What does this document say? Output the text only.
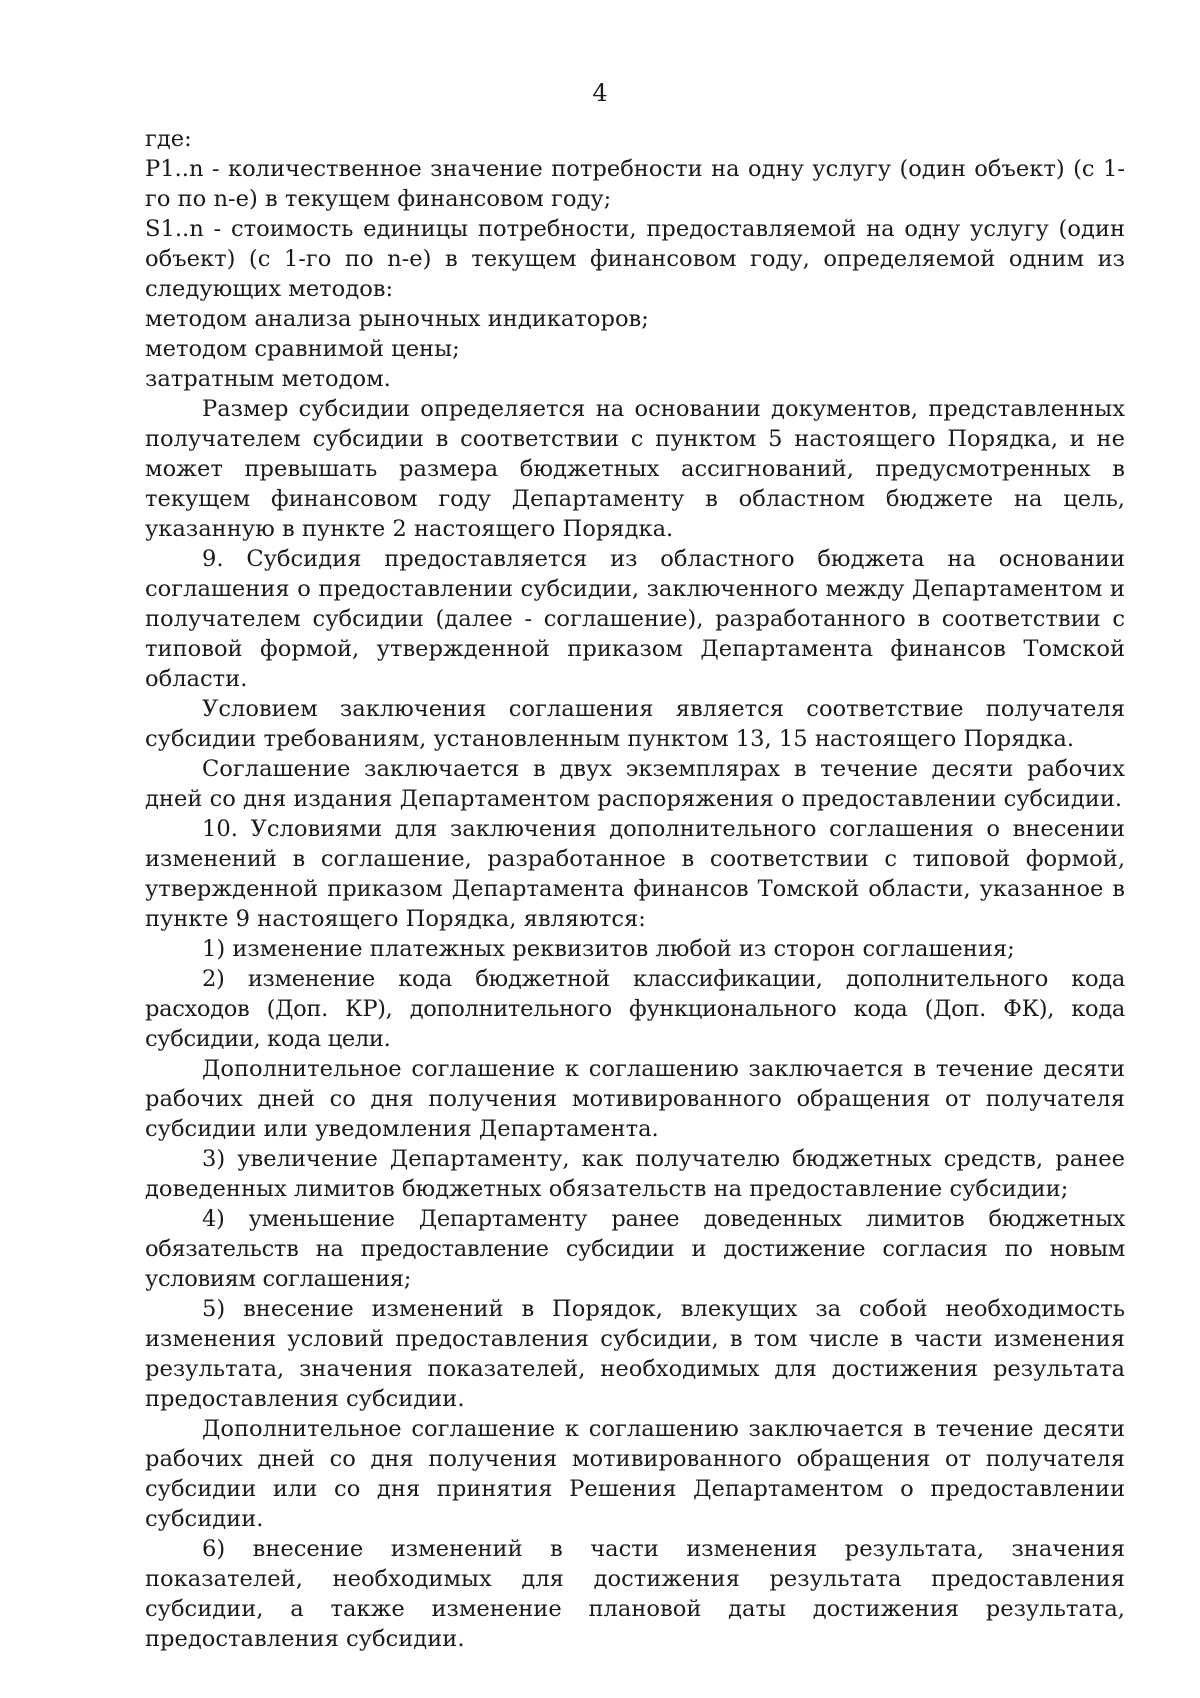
4

где:

P1..n - количественное значение потребности на одну услугу (один объект) (с 1-го по n-е) в текущем финансовом году;

S1..n - стоимость единицы потребности, предоставляемой на одну услугу (один объект) (с 1-го по n-е) в текущем финансовом году, определяемой одним из следующих методов:

методом анализа рыночных индикаторов;

методом сравнимой цены;

затратным методом.

Размер субсидии определяется на основании документов, представленных получателем субсидии в соответствии с пунктом 5 настоящего Порядка, и не может превышать размера бюджетных ассигнований, предусмотренных в текущем финансовом году Департаменту в областном бюджете на цель, указанную в пункте 2 настоящего Порядка.

9. Субсидия предоставляется из областного бюджета на основании соглашения о предоставлении субсидии, заключенного между Департаментом и получателем субсидии (далее - соглашение), разработанного в соответствии с типовой формой, утвержденной приказом Департамента финансов Томской области.

Условием заключения соглашения является соответствие получателя субсидии требованиям, установленным пунктом 13, 15 настоящего Порядка.

Соглашение заключается в двух экземплярах в течение десяти рабочих дней со дня издания Департаментом распоряжения о предоставлении субсидии.

10. Условиями для заключения дополнительного соглашения о внесении изменений в соглашение, разработанное в соответствии с типовой формой, утвержденной приказом Департамента финансов Томской области, указанное в пункте 9 настоящего Порядка, являются:

1) изменение платежных реквизитов любой из сторон соглашения;

2) изменение кода бюджетной классификации, дополнительного кода расходов (Доп. КР), дополнительного функционального кода (Доп. ФК), кода субсидии, кода цели.

Дополнительное соглашение к соглашению заключается в течение десяти рабочих дней со дня получения мотивированного обращения от получателя субсидии или уведомления Департамента.

3) увеличение Департаменту, как получателю бюджетных средств, ранее доведенных лимитов бюджетных обязательств на предоставление субсидии;

4) уменьшение Департаменту ранее доведенных лимитов бюджетных обязательств на предоставление субсидии и достижение согласия по новым условиям соглашения;

5) внесение изменений в Порядок, влекущих за собой необходимость изменения условий предоставления субсидии, в том числе в части изменения результата, значения показателей, необходимых для достижения результата предоставления субсидии.

Дополнительное соглашение к соглашению заключается в течение десяти рабочих дней со дня получения мотивированного обращения от получателя субсидии или со дня принятия Решения Департаментом о предоставлении субсидии.

6) внесение изменений в части изменения результата, значения показателей, необходимых для достижения результата предоставления субсидии, а также изменение плановой даты достижения результата, предоставления субсидии.
